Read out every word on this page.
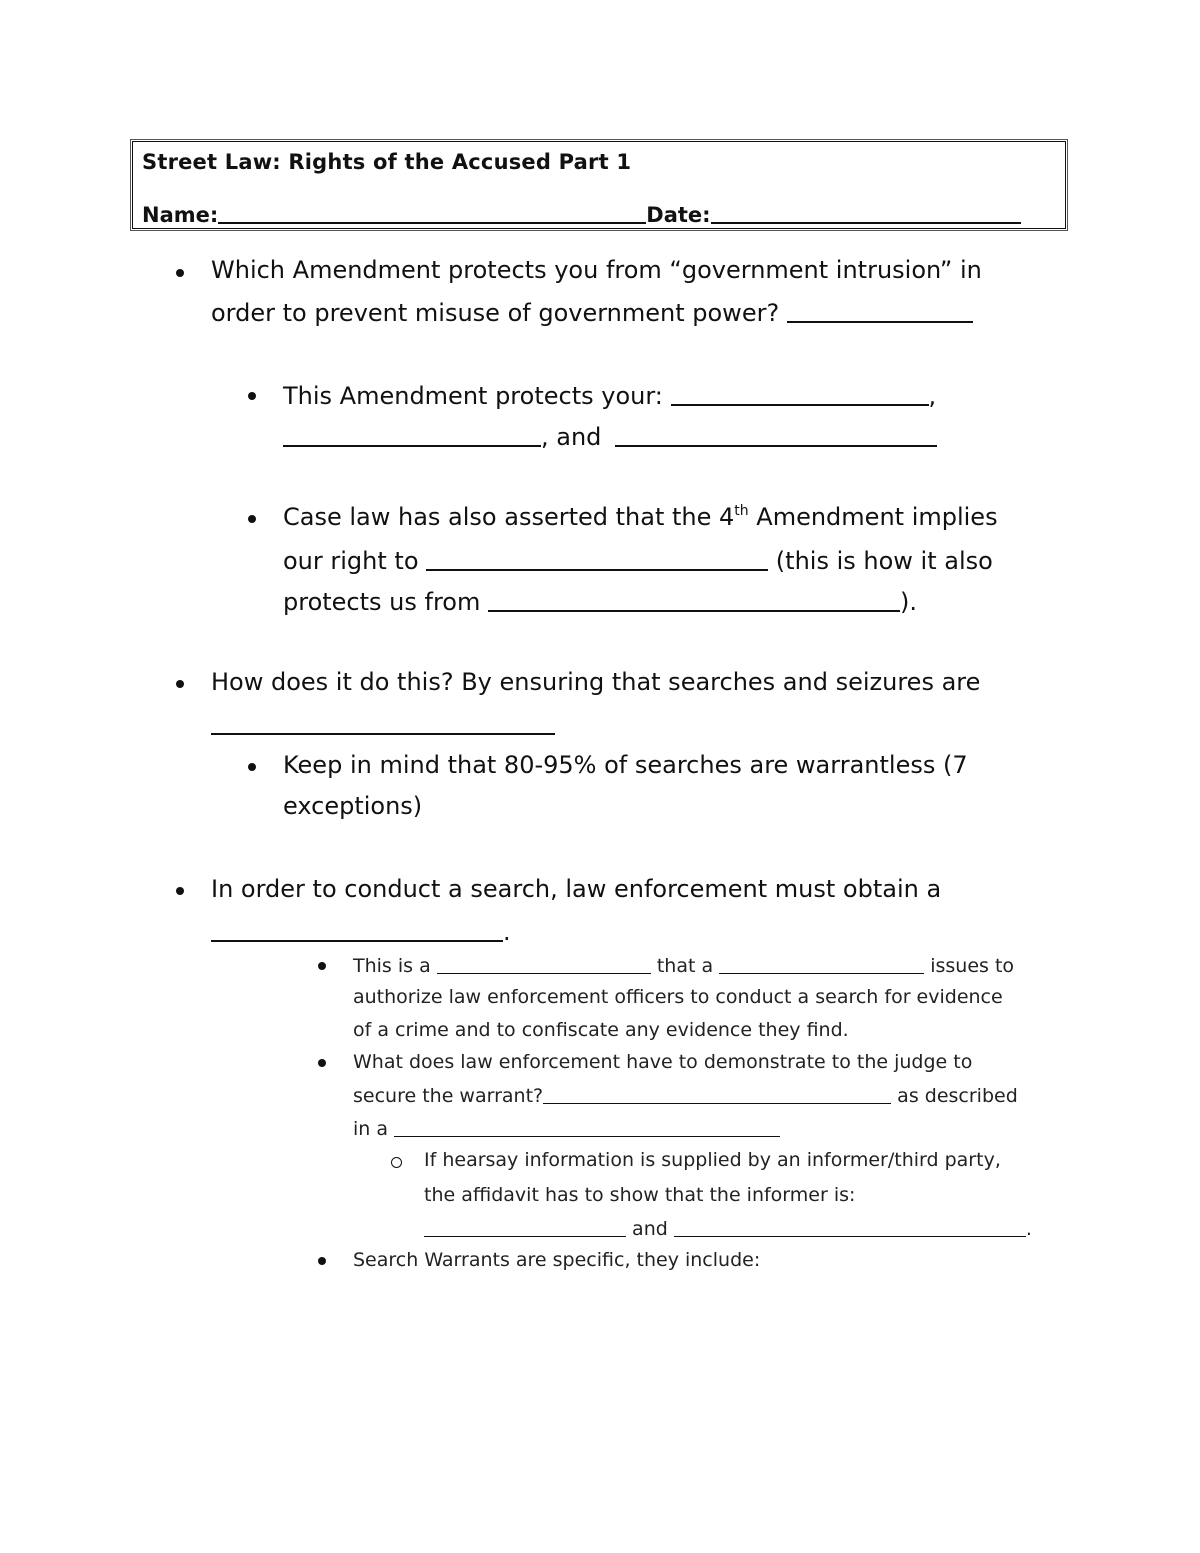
Street Law: Rights of the Accused Part 1
Name:	Date:
Which Amendment protects you from “government intrusion” in
order to prevent misuse of government power?
This Amendment protects your:	,
, and
Case law has also asserted that the 4th Amendment implies
our right to	(this is how it also
protects us from	).
How does it do this? By ensuring that searches and seizures are
Keep in mind that 80-95% of searches are warrantless (7
exceptions)
In order to conduct a search, law enforcement must obtain a
.
This is a	that a	issues to
authorize law enforcement officers to conduct a search for evidence
of a crime and to confiscate any evidence they find.
What does law enforcement have to demonstrate to the judge to
secure the warrant?	as described
in a
If hearsay information is supplied by an informer/third party,
the affidavit has to show that the informer is:
and	.
Search Warrants are specific, they include:
